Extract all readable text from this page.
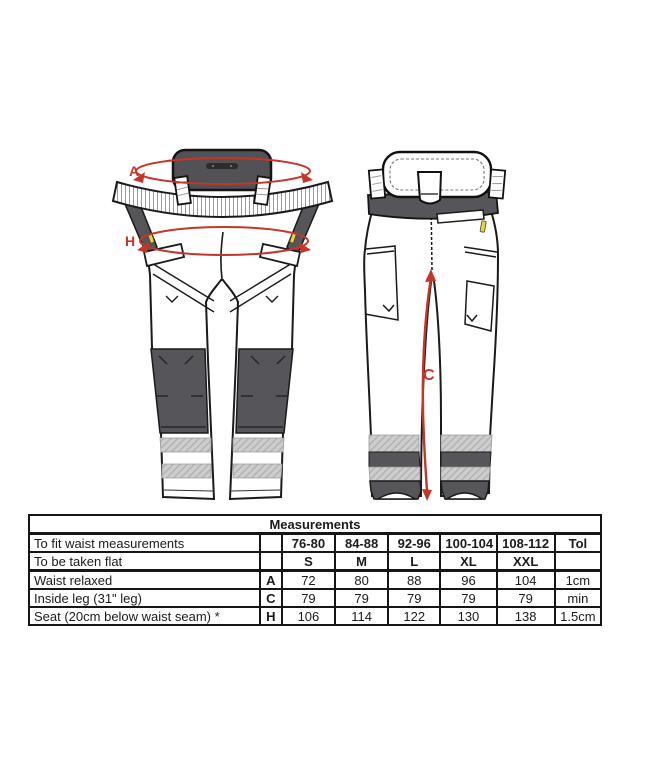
A
H
C
Measurements							
To fit waist measurements		76-80	84-88	92-96	100-104	108-112	Tol
To be taken flat		S	M	L	XL	XXL	
Waist relaxed	A	72	80	88	96	104	1cm
Inside leg (31" leg)	C	79	79	79	79	79	min
Seat (20cm below waist seam) *	H	106	114	122	130	138	1.5cm
